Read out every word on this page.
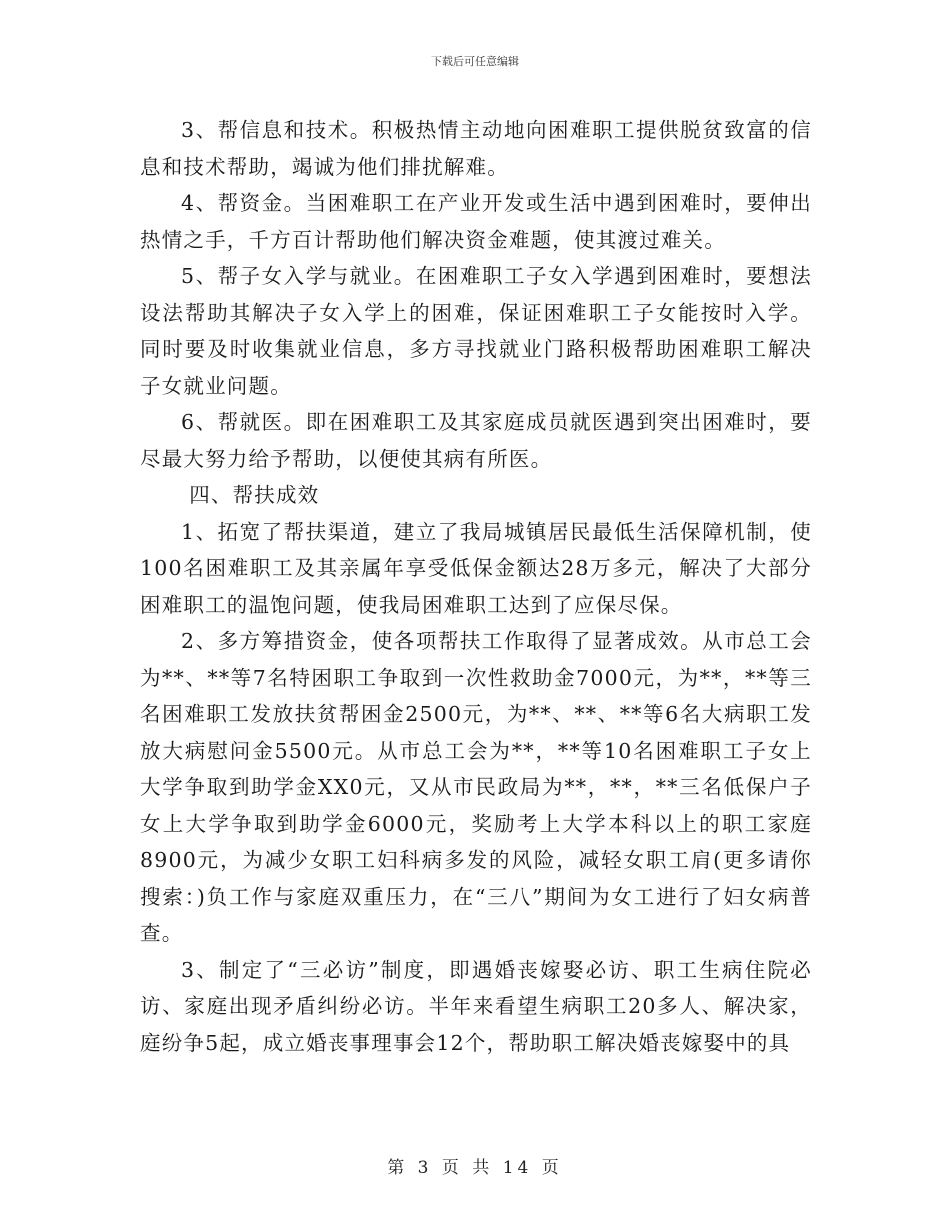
下载后可任意编辑

3、帮信息和技术。积极热情主动地向困难职工提供脱贫致富的信息和技术帮助，竭诚为他们排扰解难。

4、帮资金。当困难职工在产业开发或生活中遇到困难时，要伸出热情之手，千方百计帮助他们解决资金难题，使其渡过难关。

5、帮子女入学与就业。在困难职工子女入学遇到困难时，要想法设法帮助其解决子女入学上的困难，保证困难职工子女能按时入学。同时要及时收集就业信息，多方寻找就业门路积极帮助困难职工解决子女就业问题。

6、帮就医。即在困难职工及其家庭成员就医遇到突出困难时，要尽最大努力给予帮助，以便使其病有所医。

四、帮扶成效

1、拓宽了帮扶渠道，建立了我局城镇居民最低生活保障机制，使100名困难职工及其亲属年享受低保金额达28万多元，解决了大部分困难职工的温饱问题，使我局困难职工达到了应保尽保。

2、多方筹措资金，使各项帮扶工作取得了显著成效。从市总工会为**、**等7名特困职工争取到一次性救助金7000元，为**，**等三名困难职工发放扶贫帮困金2500元，为**、**、**等6名大病职工发放大病慰问金5500元。从市总工会为**，**等10名困难职工子女上大学争取到助学金XX0元，又从市民政局为**，**，**三名低保户子女上大学争取到助学金6000元，奖励考上大学本科以上的职工家庭8900元，为减少女职工妇科病多发的风险，减轻女职工肩(更多请你搜索：)负工作与家庭双重压力，在“三八”期间为女工进行了妇女病普查。

3、制定了“三必访”制度，即遇婚丧嫁娶必访、职工生病住院必访、家庭出现矛盾纠纷必访。半年来看望生病职工20多人、解决家，庭纷争5起，成立婚丧事理事会12个，帮助职工解决婚丧嫁娶中的具

第 3 页 共 14 页
